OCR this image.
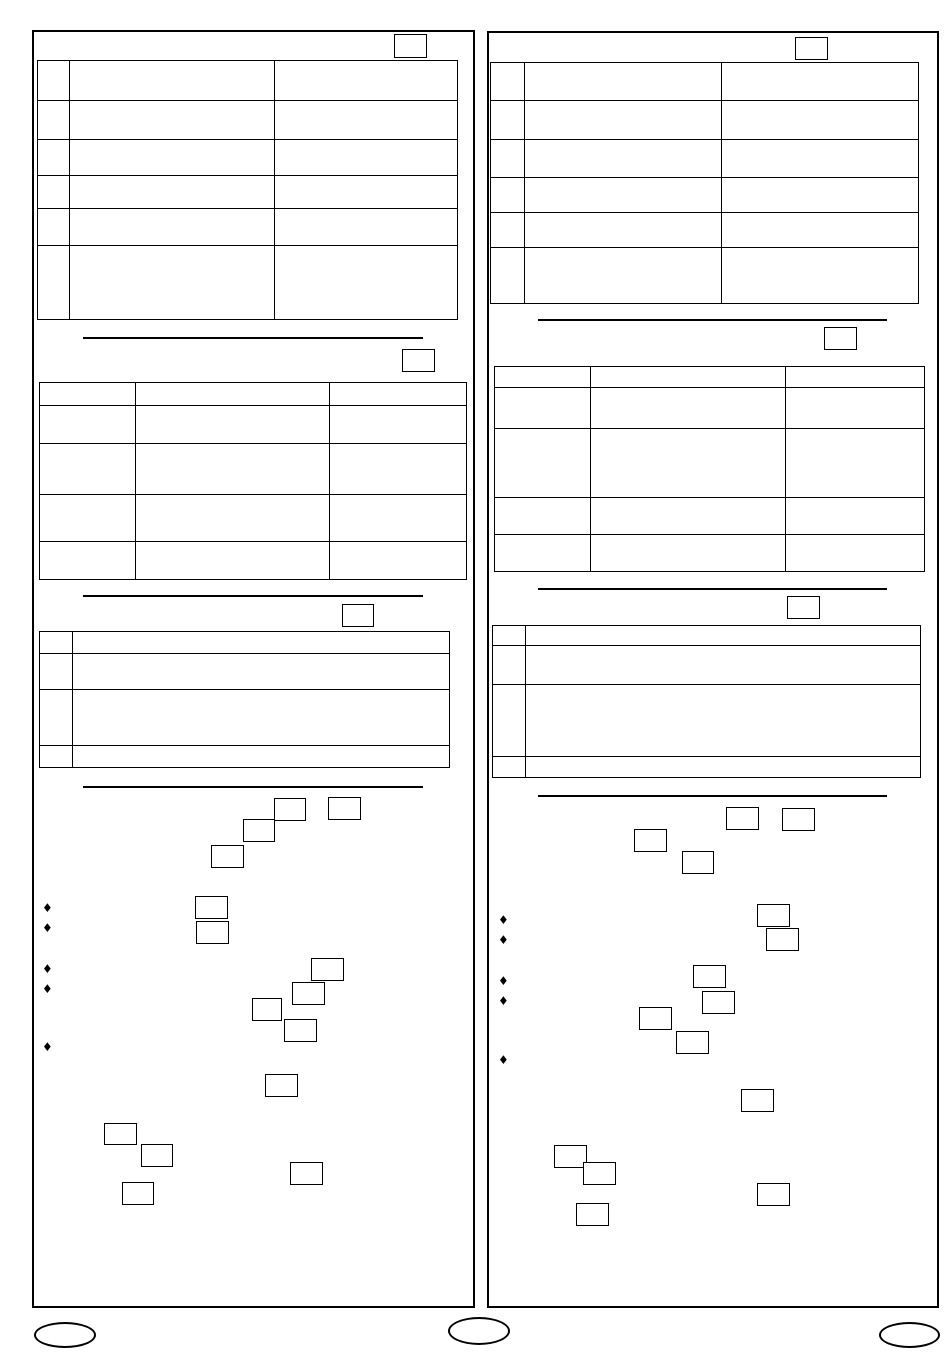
♦
♦
♦
♦
♦

♦
♦
♦
♦
♦
